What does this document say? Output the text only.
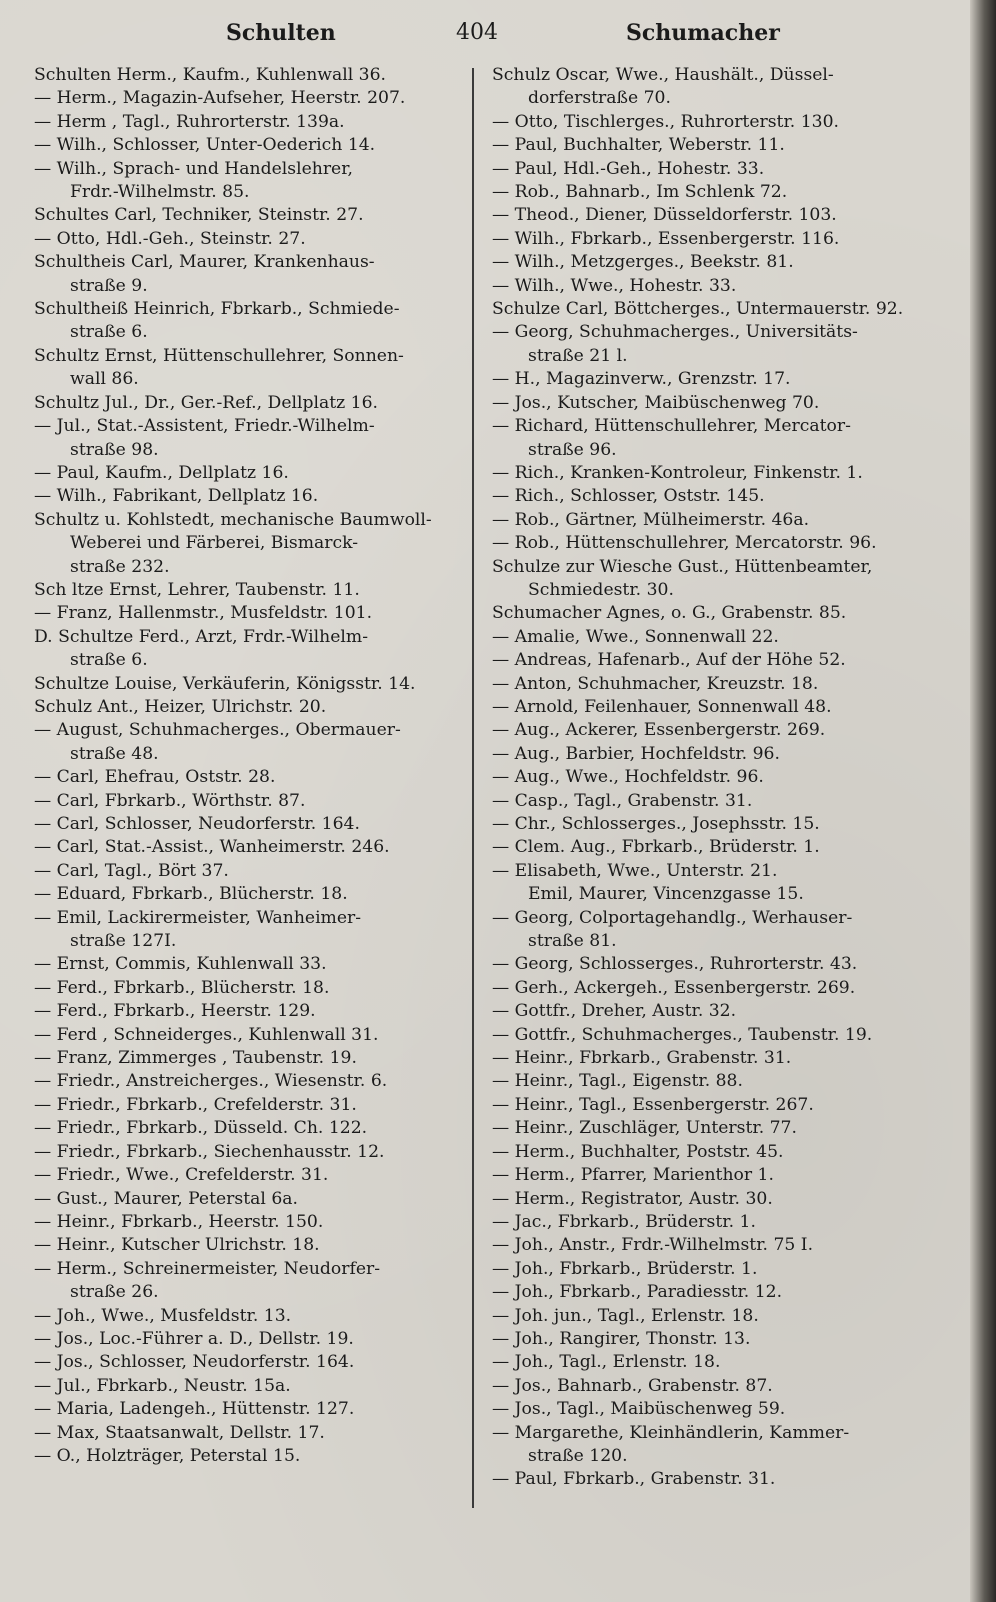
Schulten	404	Schumacher
Schulten Herm., Kaufm., Kuhlenwall 36.
— Herm., Magazin-Aufseher, Heerstr. 207.
— Herm , Tagl., Ruhrorterstr. 139a.
— Wilh., Schlosser, Unter-Oederich 14.
— Wilh., Sprach- und Handelslehrer,
Frdr.-Wilhelmstr. 85.
Schultes Carl, Techniker, Steinstr. 27.
— Otto, Hdl.-Geh., Steinstr. 27.
Schultheis Carl, Maurer, Krankenhaus-
straße 9.
Schultheiß Heinrich, Fbrkarb., Schmiede-
straße 6.
Schultz Ernst, Hüttenschullehrer, Sonnen-
wall 86.
Schultz Jul., Dr., Ger.-Ref., Dellplatz 16.
— Jul., Stat.-Assistent, Friedr.-Wilhelm-
straße 98.
— Paul, Kaufm., Dellplatz 16.
— Wilh., Fabrikant, Dellplatz 16.
Schultz u. Kohlstedt, mechanische Baumwoll-
Weberei und Färberei, Bismarck-
straße 232.
Sch ltze Ernst, Lehrer, Taubenstr. 11.
— Franz, Hallenmstr., Musfeldstr. 101.
D. Schultze Ferd., Arzt, Frdr.-Wilhelm-
straße 6.
Schultze Louise, Verkäuferin, Königsstr. 14.
Schulz Ant., Heizer, Ulrichstr. 20.
— August, Schuhmacherges., Obermauer-
straße 48.
— Carl, Ehefrau, Oststr. 28.
— Carl, Fbrkarb., Wörthstr. 87.
— Carl, Schlosser, Neudorferstr. 164.
— Carl, Stat.-Assist., Wanheimerstr. 246.
— Carl, Tagl., Bört 37.
— Eduard, Fbrkarb., Blücherstr. 18.
— Emil, Lackirermeister, Wanheimer-
straße 127I.
— Ernst, Commis, Kuhlenwall 33.
— Ferd., Fbrkarb., Blücherstr. 18.
— Ferd., Fbrkarb., Heerstr. 129.
— Ferd , Schneiderges., Kuhlenwall 31.
— Franz, Zimmerges , Taubenstr. 19.
— Friedr., Anstreicherges., Wiesenstr. 6.
— Friedr., Fbrkarb., Crefelderstr. 31.
— Friedr., Fbrkarb., Düsseld. Ch. 122.
— Friedr., Fbrkarb., Siechenhausstr. 12.
— Friedr., Wwe., Crefelderstr. 31.
— Gust., Maurer, Peterstal 6a.
— Heinr., Fbrkarb., Heerstr. 150.
— Heinr., Kutscher Ulrichstr. 18.
— Herm., Schreinermeister, Neudorfer-
straße 26.
— Joh., Wwe., Musfeldstr. 13.
— Jos., Loc.-Führer a. D., Dellstr. 19.
— Jos., Schlosser, Neudorferstr. 164.
— Jul., Fbrkarb., Neustr. 15a.
— Maria, Ladengeh., Hüttenstr. 127.
— Max, Staatsanwalt, Dellstr. 17.
— O., Holzträger, Peterstal 15.
Schulz Oscar, Wwe., Haushält., Düssel-
dorferstraße 70.
— Otto, Tischlerges., Ruhrorterstr. 130.
— Paul, Buchhalter, Weberstr. 11.
— Paul, Hdl.-Geh., Hohestr. 33.
— Rob., Bahnarb., Im Schlenk 72.
— Theod., Diener, Düsseldorferstr. 103.
— Wilh., Fbrkarb., Essenbergerstr. 116.
— Wilh., Metzgerges., Beekstr. 81.
— Wilh., Wwe., Hohestr. 33.
Schulze Carl, Böttcherges., Untermauerstr. 92.
— Georg, Schuhmacherges., Universitäts-
straße 21 l.
— H., Magazinverw., Grenzstr. 17.
— Jos., Kutscher, Maibüschenweg 70.
— Richard, Hüttenschullehrer, Mercator-
straße 96.
— Rich., Kranken-Kontroleur, Finkenstr. 1.
— Rich., Schlosser, Oststr. 145.
— Rob., Gärtner, Mülheimerstr. 46a.
— Rob., Hüttenschullehrer, Mercatorstr. 96.
Schulze zur Wiesche Gust., Hüttenbeamter,
Schmiedestr. 30.
Schumacher Agnes, o. G., Grabenstr. 85.
— Amalie, Wwe., Sonnenwall 22.
— Andreas, Hafenarb., Auf der Höhe 52.
— Anton, Schuhmacher, Kreuzstr. 18.
— Arnold, Feilenhauer, Sonnenwall 48.
— Aug., Ackerer, Essenbergerstr. 269.
— Aug., Barbier, Hochfeldstr. 96.
— Aug., Wwe., Hochfeldstr. 96.
— Casp., Tagl., Grabenstr. 31.
— Chr., Schlosserges., Josephsstr. 15.
— Clem. Aug., Fbrkarb., Brüderstr. 1.
— Elisabeth, Wwe., Unterstr. 21.
Emil, Maurer, Vincenzgasse 15.
— Georg, Colportagehandlg., Werhauser-
straße 81.
— Georg, Schlosserges., Ruhrorterstr. 43.
— Gerh., Ackergeh., Essenbergerstr. 269.
— Gottfr., Dreher, Austr. 32.
— Gottfr., Schuhmacherges., Taubenstr. 19.
— Heinr., Fbrkarb., Grabenstr. 31.
— Heinr., Tagl., Eigenstr. 88.
— Heinr., Tagl., Essenbergerstr. 267.
— Heinr., Zuschläger, Unterstr. 77.
— Herm., Buchhalter, Poststr. 45.
— Herm., Pfarrer, Marienthor 1.
— Herm., Registrator, Austr. 30.
— Jac., Fbrkarb., Brüderstr. 1.
— Joh., Anstr., Frdr.-Wilhelmstr. 75 I.
— Joh., Fbrkarb., Brüderstr. 1.
— Joh., Fbrkarb., Paradiesstr. 12.
— Joh. jun., Tagl., Erlenstr. 18.
— Joh., Rangirer, Thonstr. 13.
— Joh., Tagl., Erlenstr. 18.
— Jos., Bahnarb., Grabenstr. 87.
— Jos., Tagl., Maibüschenweg 59.
— Margarethe, Kleinhändlerin, Kammer-
straße 120.
— Paul, Fbrkarb., Grabenstr. 31.
